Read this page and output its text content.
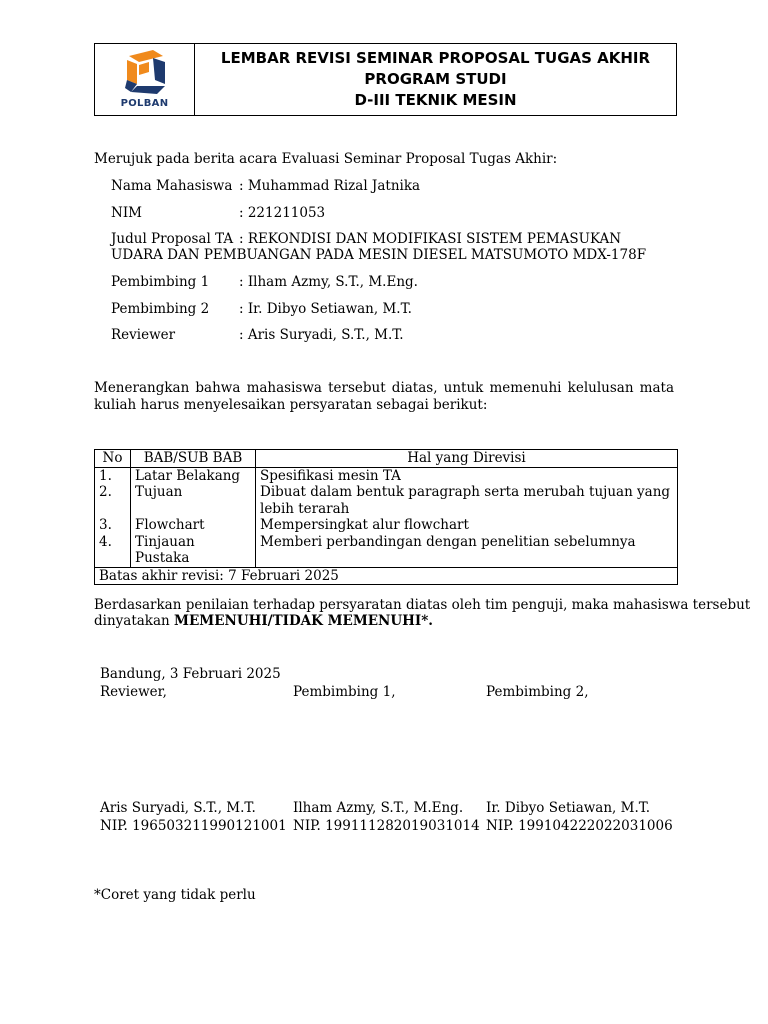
POLBAN
LEMBAR REVISI SEMINAR PROPOSAL TUGAS AKHIR
PROGRAM STUDI
D-III TEKNIK MESIN
Merujuk pada berita acara Evaluasi Seminar Proposal Tugas Akhir:
Nama Mahasiswa : Muhammad Rizal Jatnika
NIM	: 221211053
Judul Proposal TA : REKONDISI DAN MODIFIKASI SISTEM PEMASUKAN
UDARA DAN PEMBUANGAN PADA MESIN DIESEL MATSUMOTO MDX-178F
Pembimbing 1 : Ilham Azmy, S.T., M.Eng.
Pembimbing 2 : Ir. Dibyo Setiawan, M.T.
Reviewer	: Aris Suryadi, S.T., M.T.
Menerangkan bahwa mahasiswa tersebut diatas, untuk memenuhi kelulusan mata kuliah harus menyelesaikan persyaratan sebagai berikut:
No	BAB/SUB BAB	Hal yang Direvisi
1.	Latar Belakang	Spesifikasi mesin TA
2.	Tujuan	Dibuat dalam bentuk paragraph serta merubah tujuan yang lebih terarah
3.	Flowchart	Mempersingkat alur flowchart
4.	Tinjauan Pustaka	Memberi perbandingan dengan penelitian sebelumnya
Batas akhir revisi: 7 Februari 2025		
Berdasarkan penilaian terhadap persyaratan diatas oleh tim penguji, maka mahasiswa tersebut
dinyatakan MEMENUHI/TIDAK MEMENUHI*.
Bandung, 3 Februari 2025
Reviewer,	Pembimbing 1,	Pembimbing 2,
Aris Suryadi, S.T., M.T.	Ilham Azmy, S.T., M.Eng. Ir. Dibyo Setiawan, M.T.
NIP. 196503211990121001 NIP. 199111282019031014 NIP. 199104222022031006
*Coret yang tidak perlu
